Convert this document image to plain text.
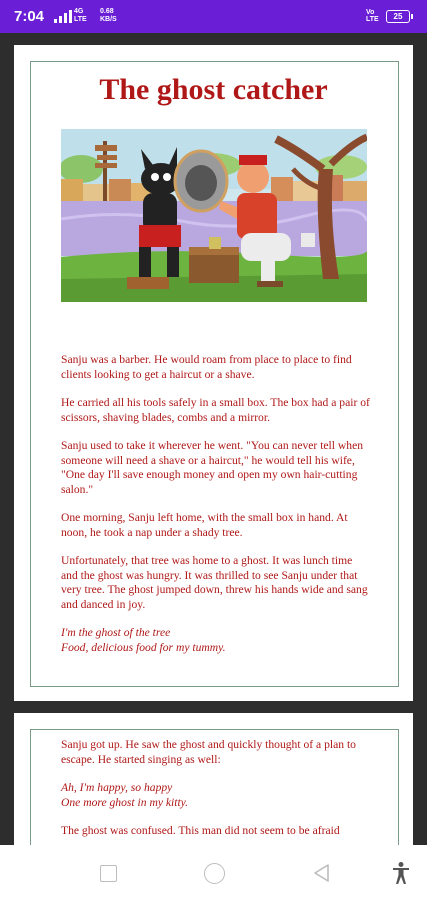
7:04	4G
LTE
0.68
KB/S
Vo
LTE	25
The ghost catcher

Sanju was a barber. He would roam from place to place to find clients looking to get a haircut or a shave.

He carried all his tools safely in a small box. The box had a pair of scissors, shaving blades, combs and a mirror.

Sanju used to take it wherever he went. "You can never tell when someone will need a shave or a haircut," he would tell his wife, "One day I'll save enough money and open my own hair-cutting salon."

One morning, Sanju left home, with the small box in hand. At noon, he took a nap under a shady tree.

Unfortunately, that tree was home to a ghost. It was lunch time and the ghost was hungry. It was thrilled to see Sanju under that very tree. The ghost jumped down, threw his hands wide and sang and danced in joy.

I'm the ghost of the tree
Food, delicious food for my tummy.

Sanju got up. He saw the ghost and quickly thought of a plan to escape. He started singing as well:

Ah, I'm happy, so happy
One more ghost in my kitty.

The ghost was confused. This man did not seem to be afraid
